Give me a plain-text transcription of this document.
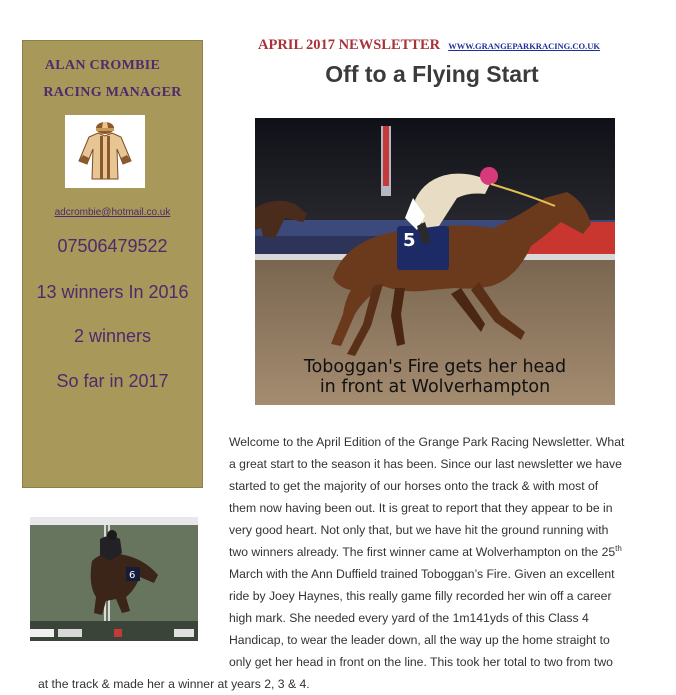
ALAN CROMBIE
RACING MANAGER
adcrombie@hotmail.co.uk
07506479522
13 winners In 2016
2 winners
So far in 2017
APRIL 2017 NEWSLETTER WWW.GRANGEPARKRACING.CO.UK
Off to a Flying Start
5
Toboggan's Fire gets her head
in front at Wolverhampton
6
Welcome to the April Edition of the Grange Park Racing Newsletter. What
a great start to the season it has been. Since our last newsletter we have
started to get the majority of our horses onto the track & with most of
them now having been out. It is great to report that they appear to be in
very good heart. Not only that, but we have hit the ground running with
two winners already. The first winner came at Wolverhampton on the 25th
March with the Ann Duffield trained Toboggan’s Fire. Given an excellent
ride by Joey Haynes, this really game filly recorded her win off a career
high mark. She needed every yard of the 1m141yds of this Class 4
Handicap, to wear the leader down, all the way up the home straight to
only get her head in front on the line. This took her total to two from two
at the track & made her a winner at years 2, 3 & 4.
